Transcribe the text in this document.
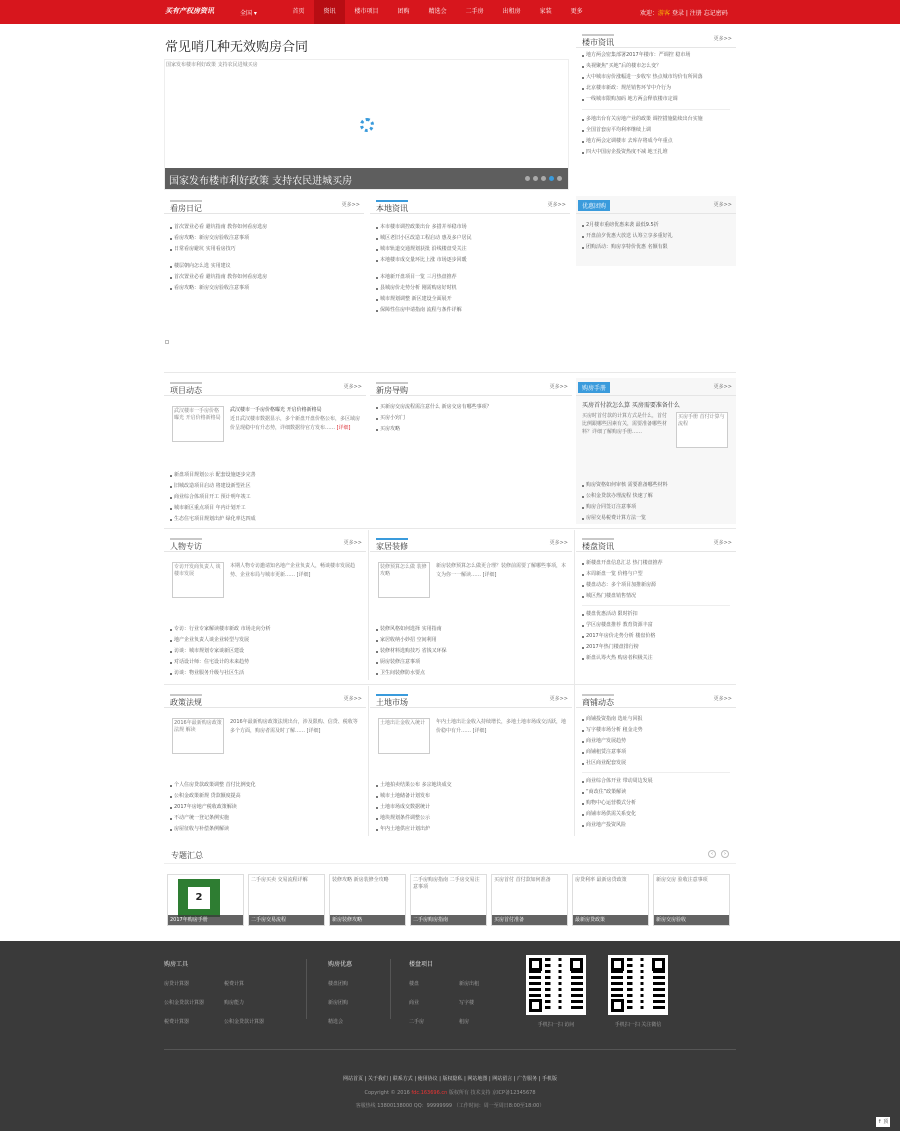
买有产权房资讯	全国 ▾	首页	资讯	楼市项目	团购	精选会	二手房	出租房	家装	更多	欢迎：游客 登录 | 注册 忘记密码
常见哨几种无效购房合同
国家发布楼市利好政策 支持农民进城买房
国家发布楼市利好政策 支持农民进城买房
楼市资讯	更多>>
地方两会密集部署2017年楼市：严调控 稳市场
央视聚焦“买地”后的楼市怎么变？
大中城市房价涨幅进一步收窄 热点城市均价有所回落
北京楼市新政：规范销售环节中介行为
一线城市限购加码 地方两会释放楼市定调
多地出台有关房地产业的政策 调控措施陆续出台实施
全国首套房平均利率继续上调
地方两会定调楼市 去库存将成今年重点
四大中国房企投资热度不减 地王扎堆
看房日记	更多>>
首次置业必看 避坑指南 教你如何看房选房
看房攻略：新房交房验收注意事项
日常看房避坑 实用看房技巧
楼层朝向怎么选 实用建议
首次置业必看 避坑指南 教你如何看房选房
看房攻略：新房交房验收注意事项
本地资讯	更多>>
本市楼市调控政策出台 多措并举稳市场
城区老旧小区改造工程启动 惠及多户居民
城市轨道交通规划获批 沿线楼盘受关注
本地楼市成交量环比上涨 市场逐步回暖
本地新开盘项目一览 三月热盘推荐
县城房价走势分析 刚需购房好时机
城市规划调整 新区建设全面展开
保障性住房申请指南 流程与条件详解
优惠团购	更多>>
2月楼市重磅优惠来袭 最低9.5折
开盘前夕优惠大放送 认筹立享多重好礼
团购活动：购房享特价优惠 名额有限
项目动态	更多>>
武汉楼市一手房价格曝光 开启价格新格局
武汉楼市一手房价格曝光 开启价格新格局
近日武汉楼市数据显示，多个新盘开盘价格公布，多区域房价呈现稳中有升态势，详细数据待官方发布…… [详细]
新盘项目规划公示 配套设施逐步完善
旧城改造项目启动 将建设新型社区
商业综合体项目开工 预计明年竣工
城市新区重点项目 年内计划开工
生态住宅项目规划出炉 绿化率达四成
新房导购	更多>>
买新房交房流程需注意什么 新房交房有哪些事项？
买房小窍门
买房攻略
购房手册	更多>>
买房首付款怎么算 买房需要准备什么
买房时首付款的计算方式是什么，首付比例跟哪些因素有关，需要准备哪些材料？详细了解购房手册……
买房手册 首付计算与流程
购房资格如何审核 需要准备哪些材料
公积金贷款办理流程 快速了解
购房合同签订注意事项
房屋交易税费计算方法一览
人物专访	更多>>
专访开发商负责人 谈楼市发展
本期人物专访邀请知名地产企业负责人，畅谈楼市发展趋势、企业布局与城市更新…… [详细]
专访：行业专家解读楼市新政 市场走向分析
地产企业负责人谈企业转型与发展
访谈：城市规划专家谈新区建设
对话设计师：住宅设计的未来趋势
访谈：物业服务升级与社区生活
家居装修	更多>>
装修预算怎么做 装修攻略
新房装修预算怎么做更合理？装修前需要了解哪些事项，本文为你一一解读…… [详细]
装修风格如何选择 实用指南
家居收纳小妙招 空间利用
装修材料选购技巧 省钱又环保
厨房装修注意事项
卫生间装修防水要点
楼盘资讯	更多>>
新楼盘开盘信息汇总 热门楼盘推荐
本周新盘一览 价格与户型
楼盘动态：多个项目加推新房源
城区热门楼盘销售情况
楼盘优惠活动 限时折扣
学区房楼盘推荐 教育资源丰富
2017年房价走势分析 楼盘价格
2017年热门楼盘排行榜
新盘认筹火热 购房者积极关注
政策法规	更多>>
2016年最新购房政策法规 解读
2016年最新购房政策法规出台，涉及限购、信贷、税收等多个方面，购房者需及时了解…… [详细]
个人住房贷款政策调整 首付比例变化
公积金政策新规 贷款额度提高
2017年房地产税收政策解读
不动产统一登记条例实施
房屋征收与补偿条例解读
土地市场	更多>>
土地出让金收入统计	年内土地出让金收入持续增长，多地土地市场成交活跃，地价稳中有升…… [详细]
土地拍卖结果公布 多宗地块成交
城市土地储备计划发布
土地市场成交数据统计
地块规划条件调整公示
年内土地供应计划出炉
商铺动态	更多>>
商铺投资指南 选址与回报
写字楼市场分析 租金走势
商业地产发展趋势
商铺租赁注意事项
社区商业配套发展
商业综合体开业 带动周边发展
“商改住”政策解读
购物中心运营模式分析
商铺市场供需关系变化
商业地产投资风险
专题汇总	‹	›
2
2017年购房手册
二手房买卖 交易流程详解
二手房交易流程
装修攻略 新房装修全攻略
新房装修攻略
二手房购房指南 二手房交易注意事项
二手房购房指南
买房首付 首付款如何准备
买房首付准备
房贷利率 最新房贷政策
最新房贷政策
新房交房 验收注意事项
新房交房验收
购房工具
房贷计算器	税费计算
公积金贷款计算器	购房能力
税费计算器	公积金贷款计算器
购房优惠
楼盘团购
新房团购
精选会
楼盘项目
楼盘	新房出租
商业	写字楼
二手房	租房	手机扫一扫 访问	手机扫一扫 关注微信
网站首页 | 关于我们 | 联系方式 | 使用协议 | 版权隐私 | 网站地图 | 网站留言 | 广告服务 | 手机版
Copyright © 2016 fdc.163696.cn 版权所有 技术支持 京ICP备12345678
客服热线 13800138000 QQ：99999999 （工作时间：周一至周日8:00至18:00）
↑ 顶
